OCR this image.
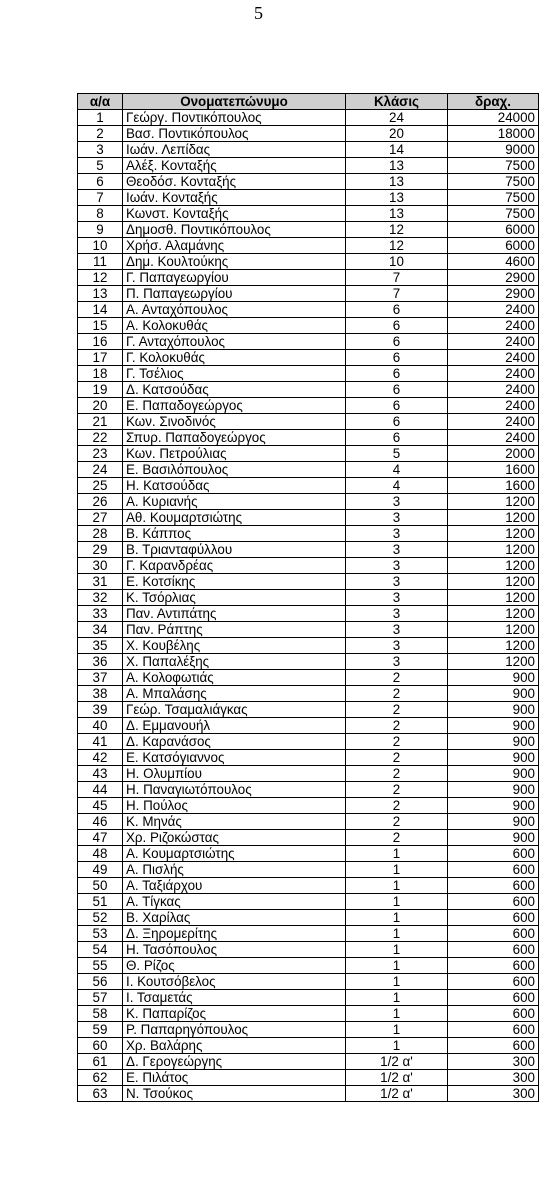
5
α/α	Ονοματεπώνυμο	Κλάσις	δραχ.
1	Γεώργ. Ποντικόπουλος	24	24000
2	Βασ. Ποντικόπουλος	20	18000
3	Ιωάν. Λεπίδας	14	9000
5	Αλέξ. Κονταξής	13	7500
6	Θεοδόσ. Κονταξής	13	7500
7	Ιωάν. Κονταξής	13	7500
8	Κωνστ. Κονταξής	13	7500
9	Δημοσθ. Ποντικόπουλος	12	6000
10	Χρήσ. Αλαμάνης	12	6000
11	Δημ. Κουλτούκης	10	4600
12	Γ. Παπαγεωργίου	7	2900
13	Π. Παπαγεωργίου	7	2900
14	Α. Ανταχόπουλος	6	2400
15	Α. Κολοκυθάς	6	2400
16	Γ. Ανταχόπουλος	6	2400
17	Γ. Κολοκυθάς	6	2400
18	Γ. Τσέλιος	6	2400
19	Δ. Κατσούδας	6	2400
20	Ε. Παπαδογεώργος	6	2400
21	Κων. Σινοδινός	6	2400
22	Σπυρ. Παπαδογεώργος	6	2400
23	Κων. Πετρούλιας	5	2000
24	Ε. Βασιλόπουλος	4	1600
25	Η. Κατσούδας	4	1600
26	Α. Κυριανής	3	1200
27	Αθ. Κουμαρτσιώτης	3	1200
28	Β. Κάππος	3	1200
29	Β. Τριανταφύλλου	3	1200
30	Γ. Καρανδρέας	3	1200
31	Ε. Κοτσίκης	3	1200
32	Κ. Τσόρλιας	3	1200
33	Παν. Αντιπάτης	3	1200
34	Παν. Ράπτης	3	1200
35	Χ. Κουβέλης	3	1200
36	Χ. Παπαλέξης	3	1200
37	Α. Κολοφωτιάς	2	900
38	Α. Μπαλάσης	2	900
39	Γεώρ. Τσαμαλιάγκας	2	900
40	Δ. Εμμανουήλ	2	900
41	Δ. Καρανάσος	2	900
42	Ε. Κατσόγιαννος	2	900
43	Η. Ολυμπίου	2	900
44	Η. Παναγιωτόπουλος	2	900
45	Η. Πούλος	2	900
46	Κ. Μηνάς	2	900
47	Χρ. Ριζοκώστας	2	900
48	Α. Κουμαρτσιώτης	1	600
49	Α. Πισλής	1	600
50	Α. Ταξιάρχου	1	600
51	Α. Τίγκας	1	600
52	Β. Χαρίλας	1	600
53	Δ. Ξηρομερίτης	1	600
54	Η. Τασόπουλος	1	600
55	Θ. Ρίζος	1	600
56	Ι. Κουτσόβελος	1	600
57	Ι. Τσαμετάς	1	600
58	Κ. Παπαρίζος	1	600
59	Ρ. Παπαρηγόπουλος	1	600
60	Χρ. Βαλάρης	1	600
61	Δ. Γερογεώργης	1/2 α'	300
62	Ε. Πιλάτος	1/2 α'	300
63	Ν. Τσούκος	1/2 α'	300
